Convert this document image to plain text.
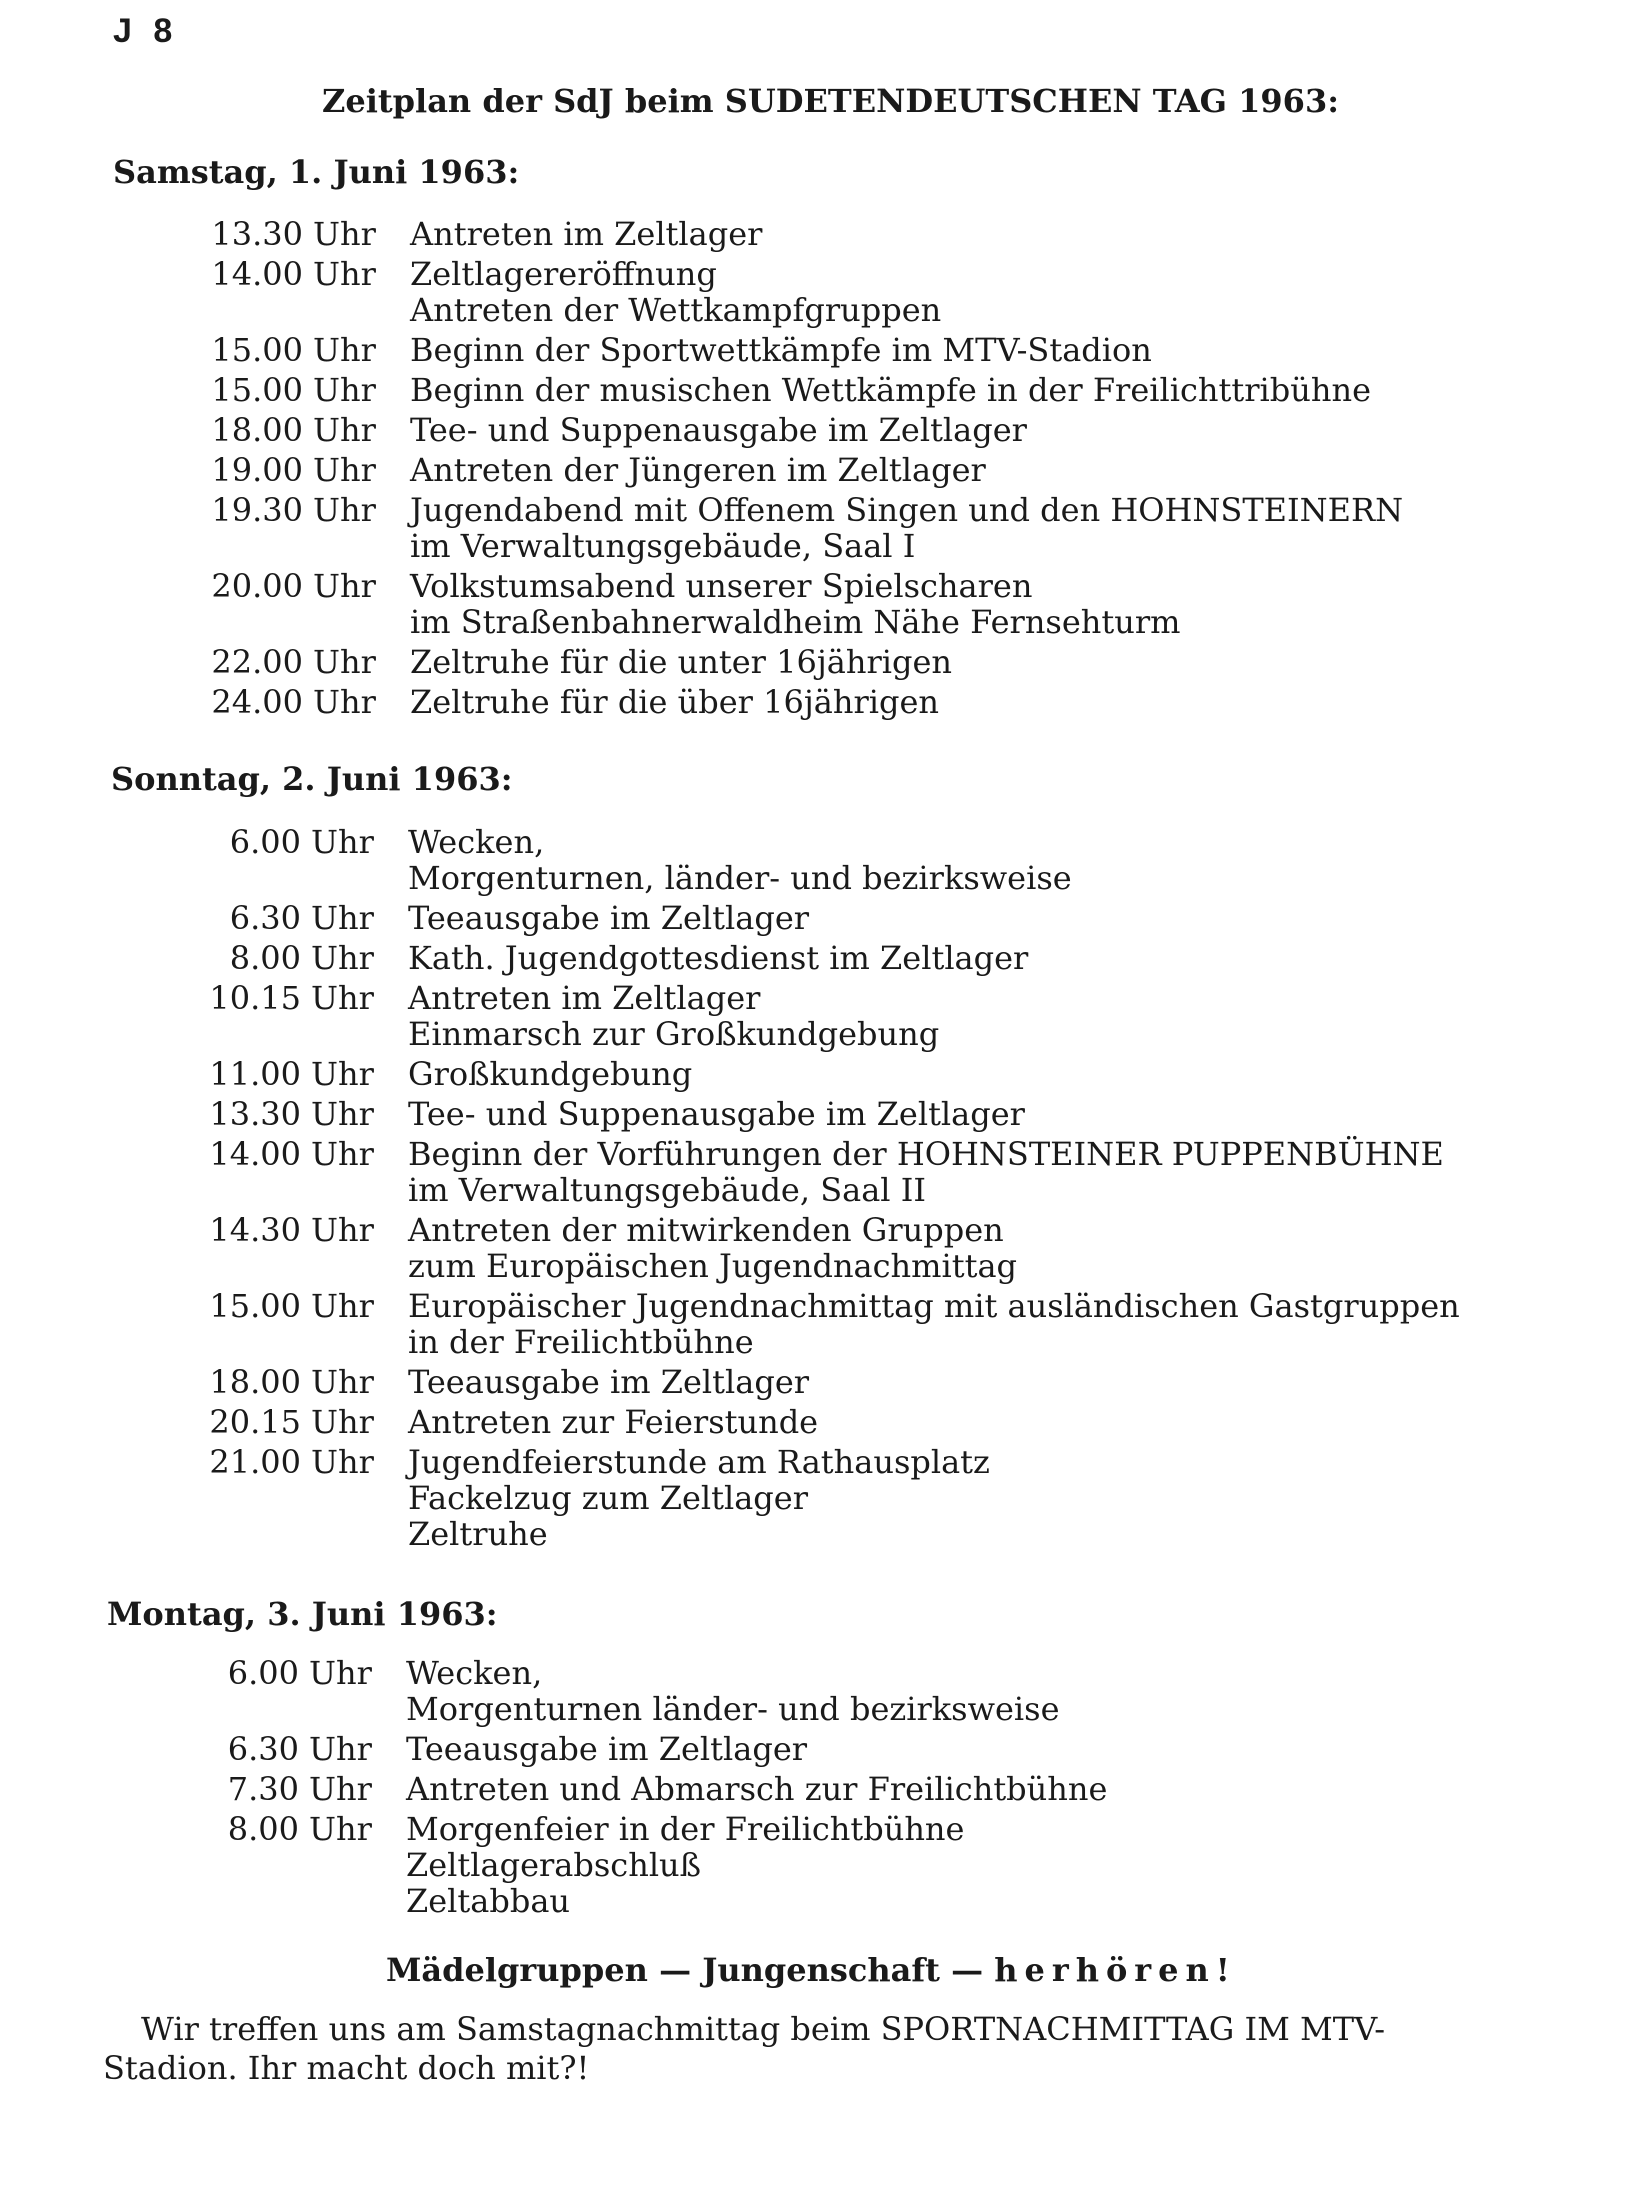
J 8
Zeitplan der SdJ beim SUDETENDEUTSCHEN TAG 1963:
Samstag, 1. Juni 1963:
13.30 Uhr Antreten im Zeltlager
14.00 Uhr Zeltlagereröffnung
Antreten der Wettkampfgruppen
15.00 Uhr Beginn der Sportwettkämpfe im MTV-Stadion
15.00 Uhr Beginn der musischen Wettkämpfe in der Freilichttribühne
18.00 Uhr Tee- und Suppenausgabe im Zeltlager
19.00 Uhr Antreten der Jüngeren im Zeltlager
19.30 Uhr Jugendabend mit Offenem Singen und den HOHNSTEINERN
im Verwaltungsgebäude, Saal I
20.00 Uhr Volkstumsabend unserer Spielscharen
im Straßenbahnerwaldheim Nähe Fernsehturm
22.00 Uhr Zeltruhe für die unter 16jährigen
24.00 Uhr Zeltruhe für die über 16jährigen
Sonntag, 2. Juni 1963:
6.00 Uhr Wecken,
Morgenturnen, länder- und bezirksweise
6.30 Uhr Teeausgabe im Zeltlager
8.00 Uhr Kath. Jugendgottesdienst im Zeltlager
10.15 Uhr Antreten im Zeltlager
Einmarsch zur Großkundgebung
11.00 Uhr Großkundgebung
13.30 Uhr Tee- und Suppenausgabe im Zeltlager
14.00 Uhr Beginn der Vorführungen der HOHNSTEINER PUPPENBÜHNE
im Verwaltungsgebäude, Saal II
14.30 Uhr Antreten der mitwirkenden Gruppen
zum Europäischen Jugendnachmittag
15.00 Uhr Europäischer Jugendnachmittag mit ausländischen Gastgruppen
in der Freilichtbühne
18.00 Uhr Teeausgabe im Zeltlager
20.15 Uhr Antreten zur Feierstunde
21.00 Uhr Jugendfeierstunde am Rathausplatz
Fackelzug zum Zeltlager
Zeltruhe
Montag, 3. Juni 1963:
6.00 Uhr Wecken,
Morgenturnen länder- und bezirksweise
6.30 Uhr Teeausgabe im Zeltlager
7.30 Uhr Antreten und Abmarsch zur Freilichtbühne
8.00 Uhr Morgenfeier in der Freilichtbühne
Zeltlagerabschluß
Zeltabbau
Mädelgruppen — Jungenschaft — herhören!
Wir treffen uns am Samstagnachmittag beim SPORTNACHMITTAG IM MTV-
Stadion. Ihr macht doch mit?!
